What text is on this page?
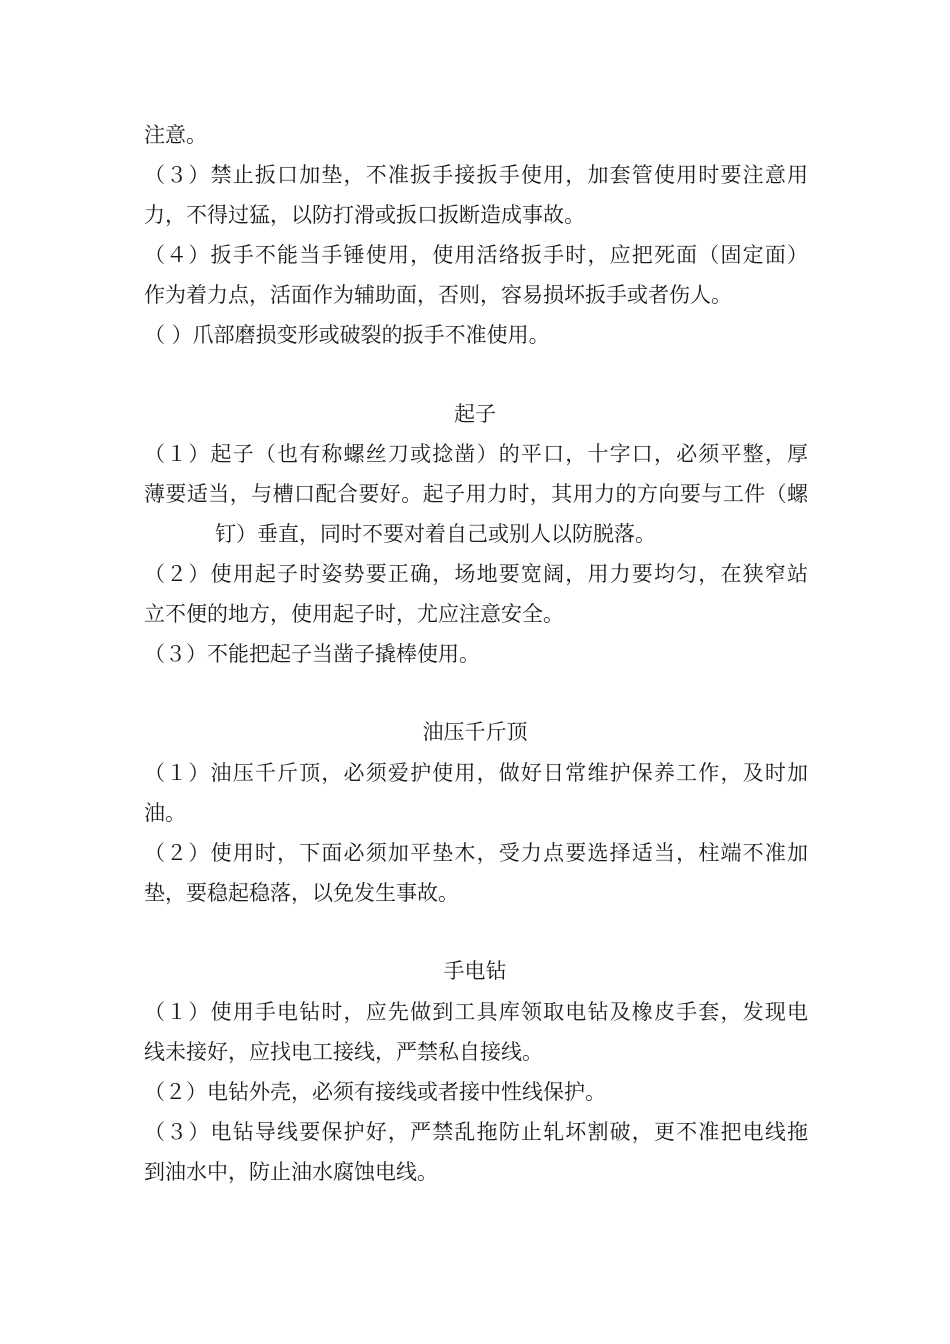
注意。
（３）禁止扳口加垫，不准扳手接扳手使用，加套管使用时要注意用
力，不得过猛，以防打滑或扳口扳断造成事故。
（４）扳手不能当手锤使用，使用活络扳手时，应把死面（固定面）
作为着力点，活面作为辅助面，否则，容易损坏扳手或者伤人。
（ ）爪部磨损变形或破裂的扳手不准使用。
起子
（１）起子（也有称螺丝刀或捻凿）的平口，十字口，必须平整，厚
薄要适当，与槽口配合要好。起子用力时，其用力的方向要与工件（螺
钉）垂直，同时不要对着自己或别人以防脱落。
（２）使用起子时姿势要正确，场地要宽阔，用力要均匀，在狭窄站
立不便的地方，使用起子时，尤应注意安全。
（３）不能把起子当凿子撬棒使用。
油压千斤顶
（１）油压千斤顶，必须爱护使用，做好日常维护保养工作，及时加
油。
（２）使用时，下面必须加平垫木，受力点要选择适当，柱端不准加
垫，要稳起稳落，以免发生事故。
手电钻
（１）使用手电钻时，应先做到工具库领取电钻及橡皮手套，发现电
线未接好，应找电工接线，严禁私自接线。
（２）电钻外壳，必须有接线或者接中性线保护。
（３）电钻导线要保护好，严禁乱拖防止轧坏割破，更不准把电线拖
到油水中，防止油水腐蚀电线。
